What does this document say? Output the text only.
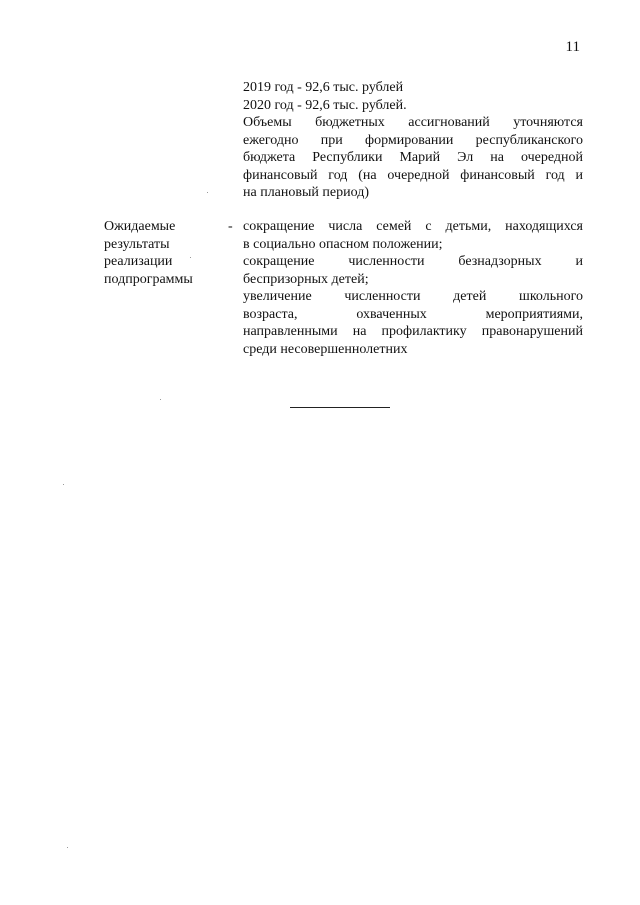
11
2019 год - 92,6 тыс. рублей
2020 год - 92,6 тыс. рублей.
Объемы бюджетных ассигнований уточняются
ежегодно при формировании республиканского
бюджета Республики Марий Эл на очередной
финансовый год (на очередной финансовый год и
на плановый период)
Ожидаемые
результаты
реализации
подпрограммы
- сокращение числа семей с детьми, находящихся
в социально опасном положении;
сокращение численности безнадзорных и
беспризорных детей;
увеличение численности детей школьного
возраста, охваченных мероприятиями,
направленными на профилактику правонарушений
среди несовершеннолетних
